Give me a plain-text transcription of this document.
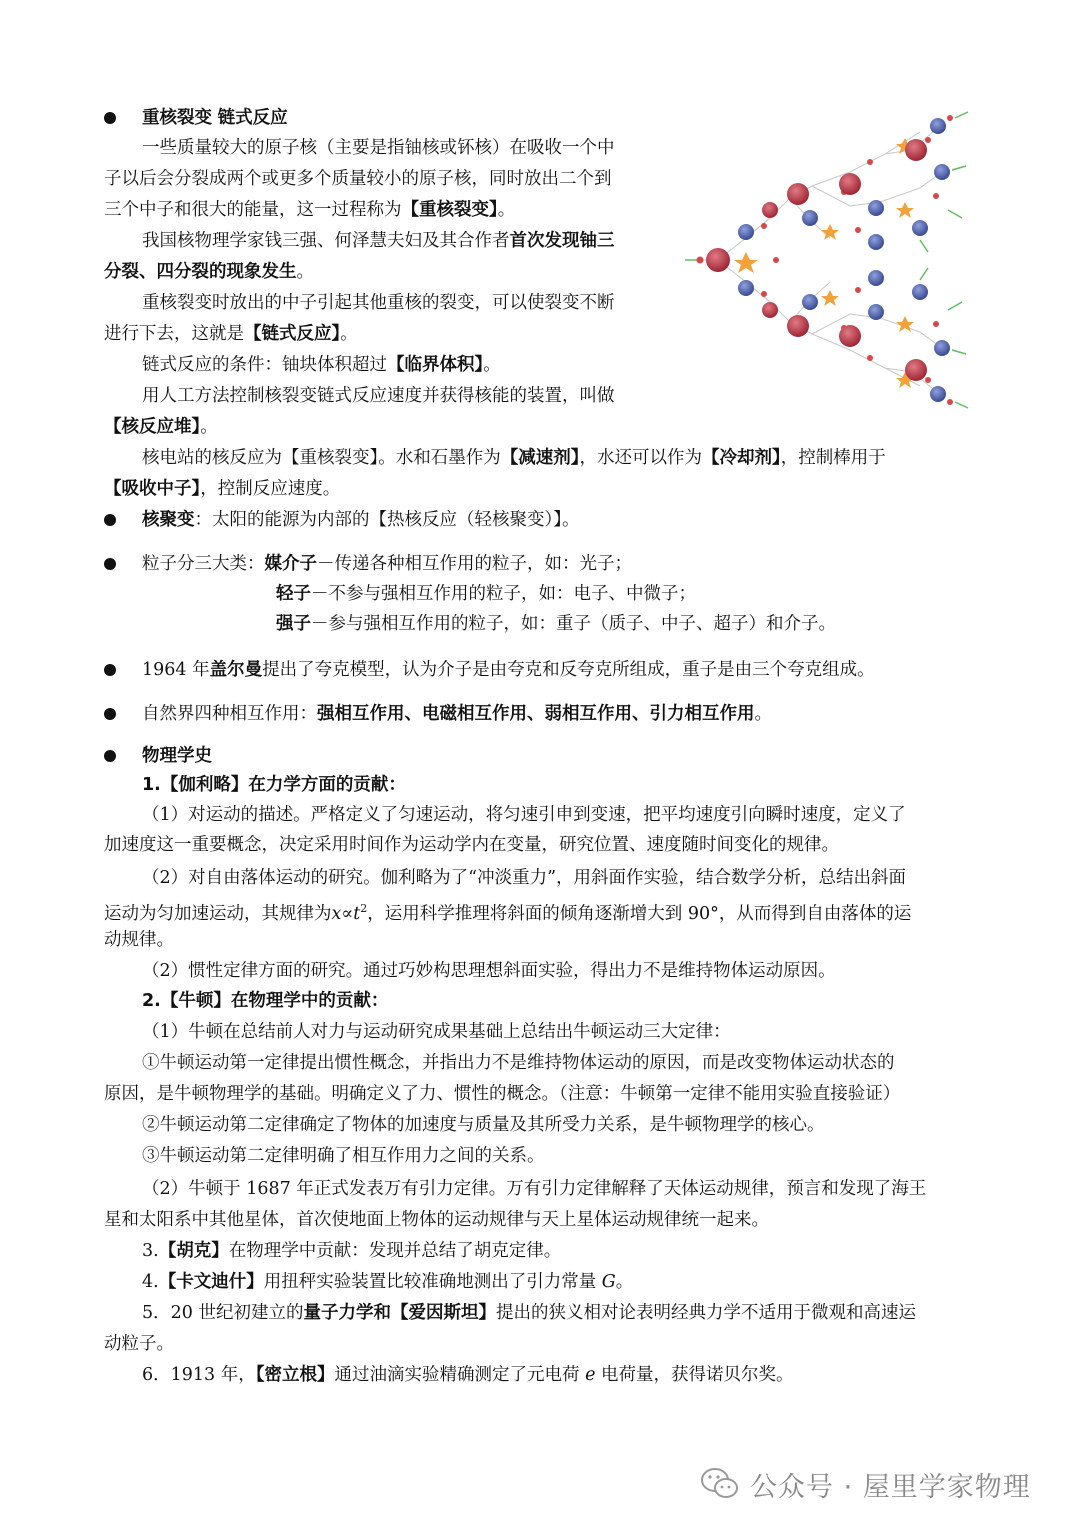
重核裂变 链式反应
一些质量较大的原子核（主要是指铀核或钚核）在吸收一个中
子以后会分裂成两个或更多个质量较小的原子核，同时放出二个到
三个中子和很大的能量，这一过程称为【重核裂变】。
我国核物理学家钱三强、何泽慧夫妇及其合作者首次发现铀三
分裂、四分裂的现象发生。
重核裂变时放出的中子引起其他重核的裂变，可以使裂变不断
进行下去，这就是【链式反应】。
链式反应的条件：铀块体积超过【临界体积】。
用人工方法控制核裂变链式反应速度并获得核能的装置，叫做
【核反应堆】。
核电站的核反应为【重核裂变】。水和石墨作为【减速剂】，水还可以作为【冷却剂】，控制棒用于
【吸收中子】，控制反应速度。
核聚变：太阳的能源为内部的【热核反应（轻核聚变）】。
粒子分三大类：媒介子－传递各种相互作用的粒子，如：光子；
轻子－不参与强相互作用的粒子，如：电子、中微子；
强子－参与强相互作用的粒子，如：重子（质子、中子、超子）和介子。
1964 年盖尔曼提出了夸克模型，认为介子是由夸克和反夸克所组成，重子是由三个夸克组成。
自然界四种相互作用：强相互作用、电磁相互作用、弱相互作用、引力相互作用。
物理学史
1.【伽利略】在力学方面的贡献：
（1）对运动的描述。严格定义了匀速运动，将匀速引申到变速，把平均速度引向瞬时速度，定义了
加速度这一重要概念，决定采用时间作为运动学内在变量，研究位置、速度随时间变化的规律。
（2）对自由落体运动的研究。伽利略为了“冲淡重力”，用斜面作实验，结合数学分析，总结出斜面
运动为匀加速运动，其规律为$x\propto t^2$，运用科学推理将斜面的倾角逐渐增大到 90°，从而得到自由落体的运
动规律。
（2）惯性定律方面的研究。通过巧妙构思理想斜面实验，得出力不是维持物体运动原因。
2.【牛顿】在物理学中的贡献：
（1）牛顿在总结前人对力与运动研究成果基础上总结出牛顿运动三大定律：
①牛顿运动第一定律提出惯性概念，并指出力不是维持物体运动的原因，而是改变物体运动状态的
原因，是牛顿物理学的基础。明确定义了力、惯性的概念。（注意：牛顿第一定律不能用实验直接验证）
②牛顿运动第二定律确定了物体的加速度与质量及其所受力关系，是牛顿物理学的核心。
③牛顿运动第二定律明确了相互作用力之间的关系。
（2）牛顿于 1687 年正式发表万有引力定律。万有引力定律解释了天体运动规律，预言和发现了海王
星和太阳系中其他星体，首次使地面上物体的运动规律与天上星体运动规律统一起来。
3.【胡克】在物理学中贡献：发现并总结了胡克定律。
4.【卡文迪什】用扭秤实验装置比较准确地测出了引力常量 G。
5．20 世纪初建立的量子力学和【爱因斯坦】提出的狭义相对论表明经典力学不适用于微观和高速运
动粒子。
6．1913 年，【密立根】通过油滴实验精确测定了元电荷 e 电荷量，获得诺贝尔奖。
公众号 · 屋里学家物理
